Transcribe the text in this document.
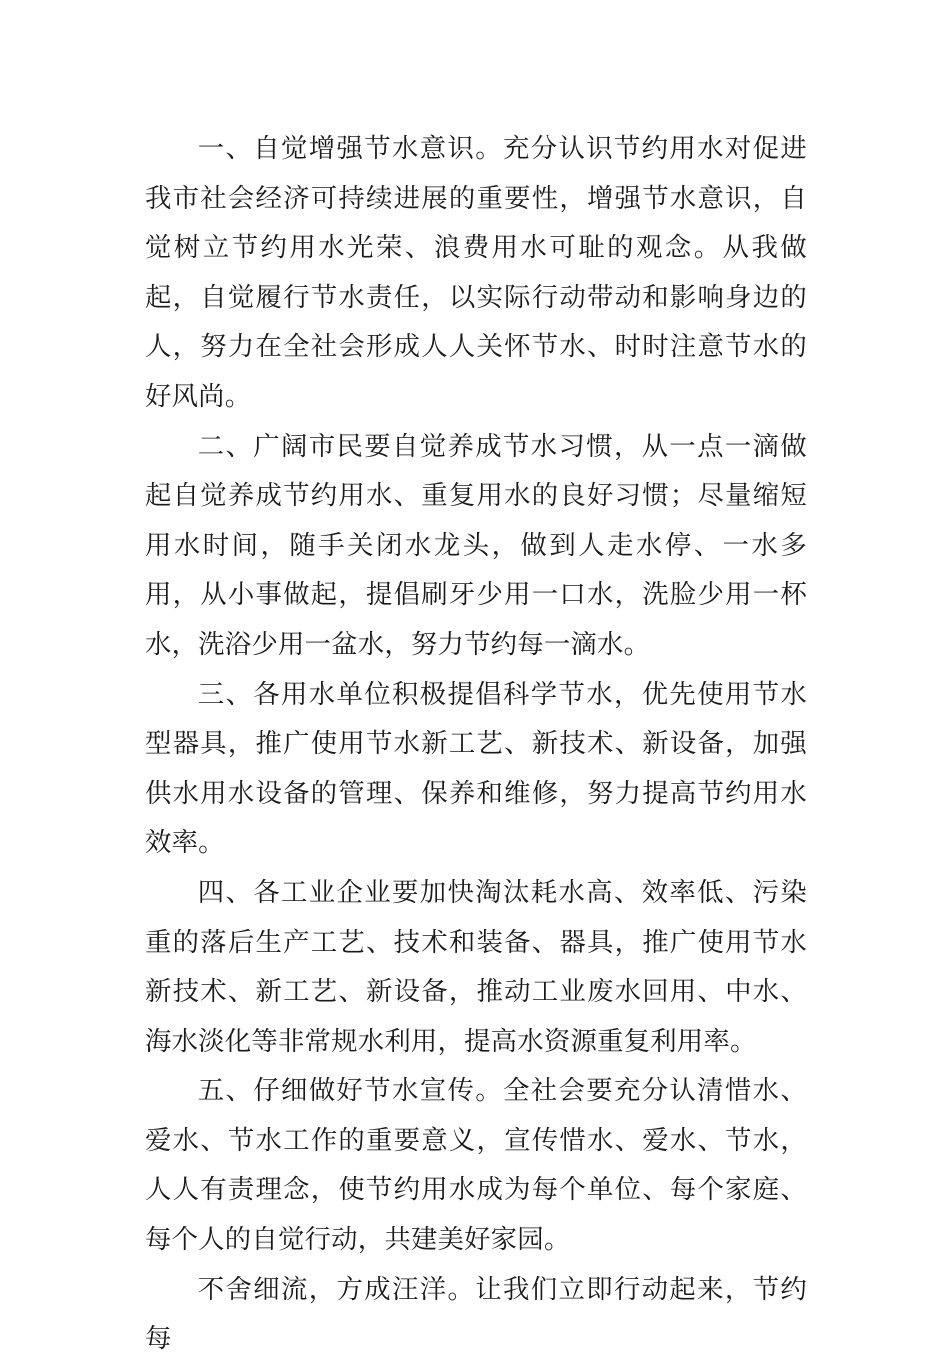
一、自觉增强节水意识。充分认识节约用水对促进我市社会经济可持续进展的重要性，增强节水意识，自觉树立节约用水光荣、浪费用水可耻的观念。从我做起，自觉履行节水责任，以实际行动带动和影响身边的人，努力在全社会形成人人关怀节水、时时注意节水的好风尚。

二、广阔市民要自觉养成节水习惯，从一点一滴做起自觉养成节约用水、重复用水的良好习惯；尽量缩短用水时间，随手关闭水龙头，做到人走水停、一水多用，从小事做起，提倡刷牙少用一口水，洗脸少用一杯水，洗浴少用一盆水，努力节约每一滴水。

三、各用水单位积极提倡科学节水，优先使用节水型器具，推广使用节水新工艺、新技术、新设备，加强供水用水设备的管理、保养和维修，努力提高节约用水效率。

四、各工业企业要加快淘汰耗水高、效率低、污染重的落后生产工艺、技术和装备、器具，推广使用节水新技术、新工艺、新设备，推动工业废水回用、中水、海水淡化等非常规水利用，提高水资源重复利用率。

五、仔细做好节水宣传。全社会要充分认清惜水、爱水、节水工作的重要意义，宣传惜水、爱水、节水，人人有责理念，使节约用水成为每个单位、每个家庭、每个人的自觉行动，共建美好家园。

不舍细流，方成汪洋。让我们立即行动起来，节约每
